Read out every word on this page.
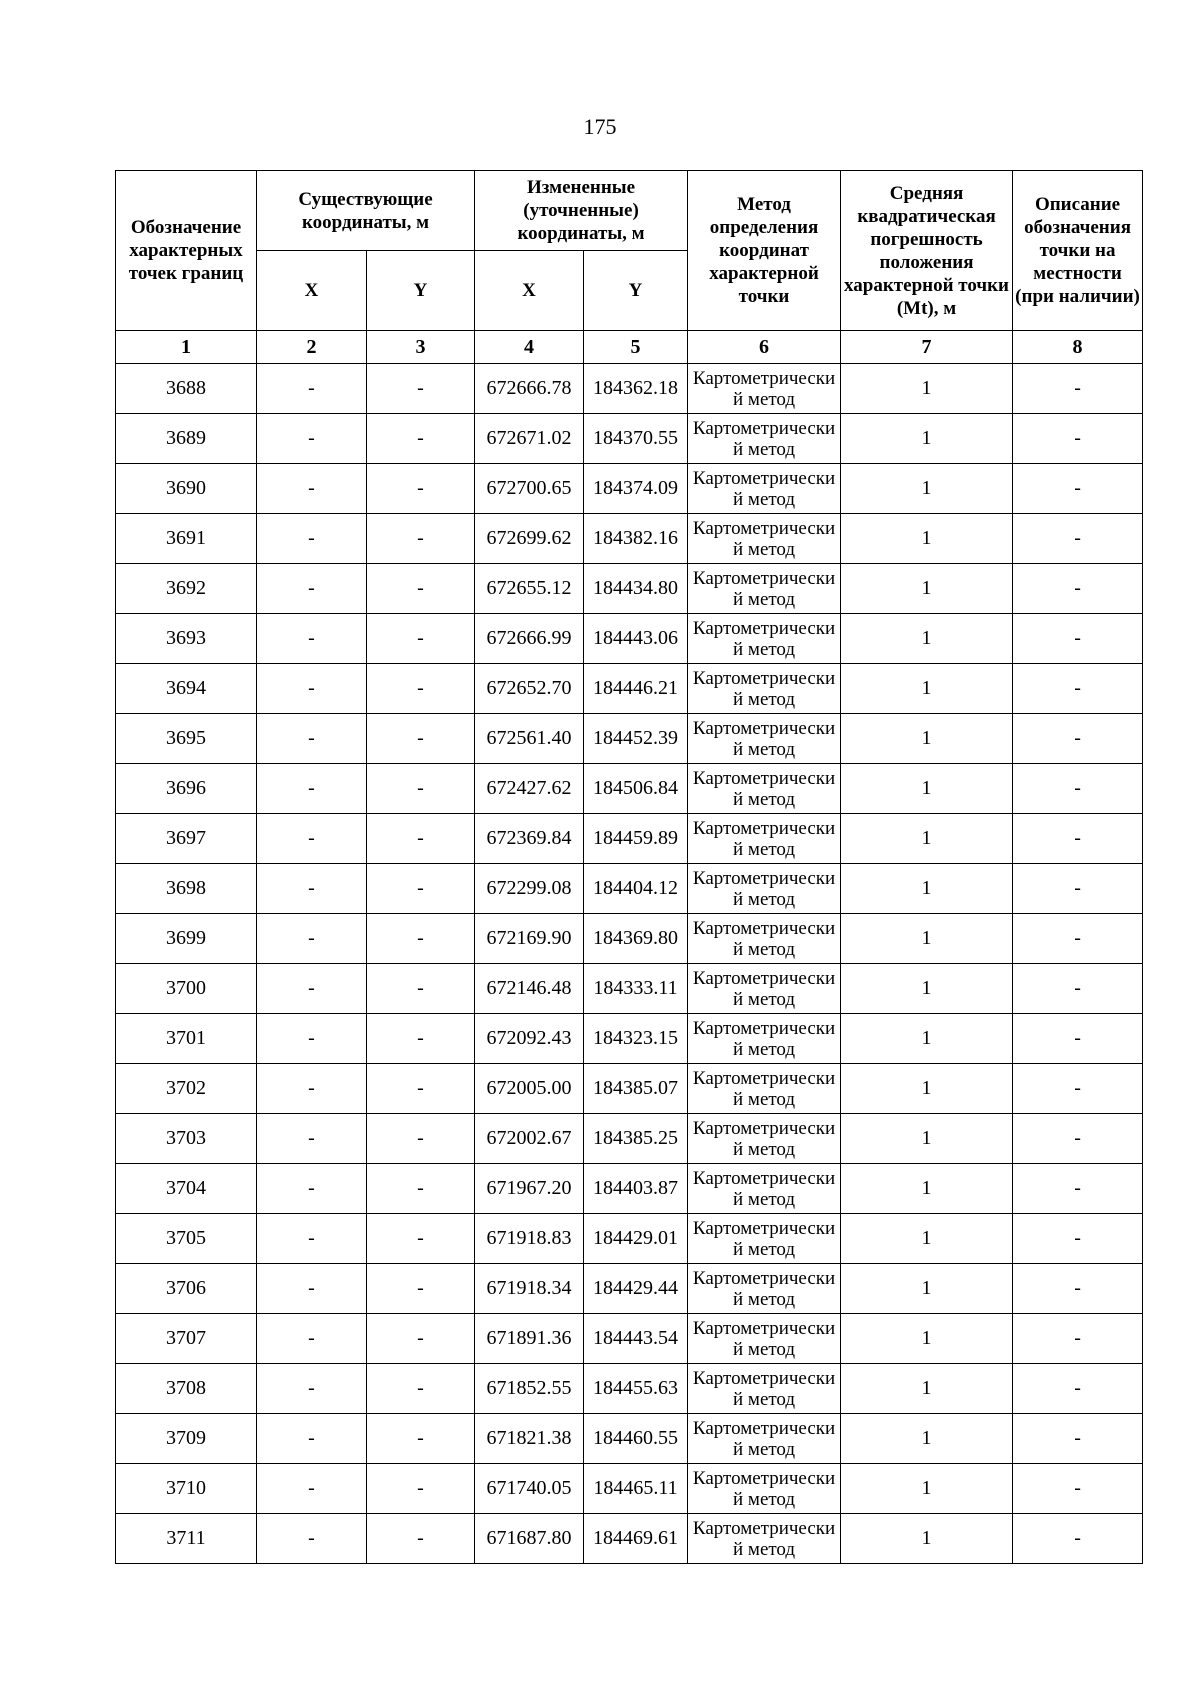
175
Обозначение характерных точек границ	Существующие координаты, м		Измененные (уточненные) координаты, м		Метод определения координат характерной точки	Средняя квадратическая погрешность положения характерной точки (Mt), м	Описание обозначения точки на местности (при наличии)
	X	Y	X	Y			
1	2	3	4	5	6	7	8
3688	-	-	672666.78	184362.18	Картометрический метод	1	-
3689	-	-	672671.02	184370.55	Картометрический метод	1	-
3690	-	-	672700.65	184374.09	Картометрический метод	1	-
3691	-	-	672699.62	184382.16	Картометрический метод	1	-
3692	-	-	672655.12	184434.80	Картометрический метод	1	-
3693	-	-	672666.99	184443.06	Картометрический метод	1	-
3694	-	-	672652.70	184446.21	Картометрический метод	1	-
3695	-	-	672561.40	184452.39	Картометрический метод	1	-
3696	-	-	672427.62	184506.84	Картометрический метод	1	-
3697	-	-	672369.84	184459.89	Картометрический метод	1	-
3698	-	-	672299.08	184404.12	Картометрический метод	1	-
3699	-	-	672169.90	184369.80	Картометрический метод	1	-
3700	-	-	672146.48	184333.11	Картометрический метод	1	-
3701	-	-	672092.43	184323.15	Картометрический метод	1	-
3702	-	-	672005.00	184385.07	Картометрический метод	1	-
3703	-	-	672002.67	184385.25	Картометрический метод	1	-
3704	-	-	671967.20	184403.87	Картометрический метод	1	-
3705	-	-	671918.83	184429.01	Картометрический метод	1	-
3706	-	-	671918.34	184429.44	Картометрический метод	1	-
3707	-	-	671891.36	184443.54	Картометрический метод	1	-
3708	-	-	671852.55	184455.63	Картометрический метод	1	-
3709	-	-	671821.38	184460.55	Картометрический метод	1	-
3710	-	-	671740.05	184465.11	Картометрический метод	1	-
3711	-	-	671687.80	184469.61	Картометрический метод	1	-
